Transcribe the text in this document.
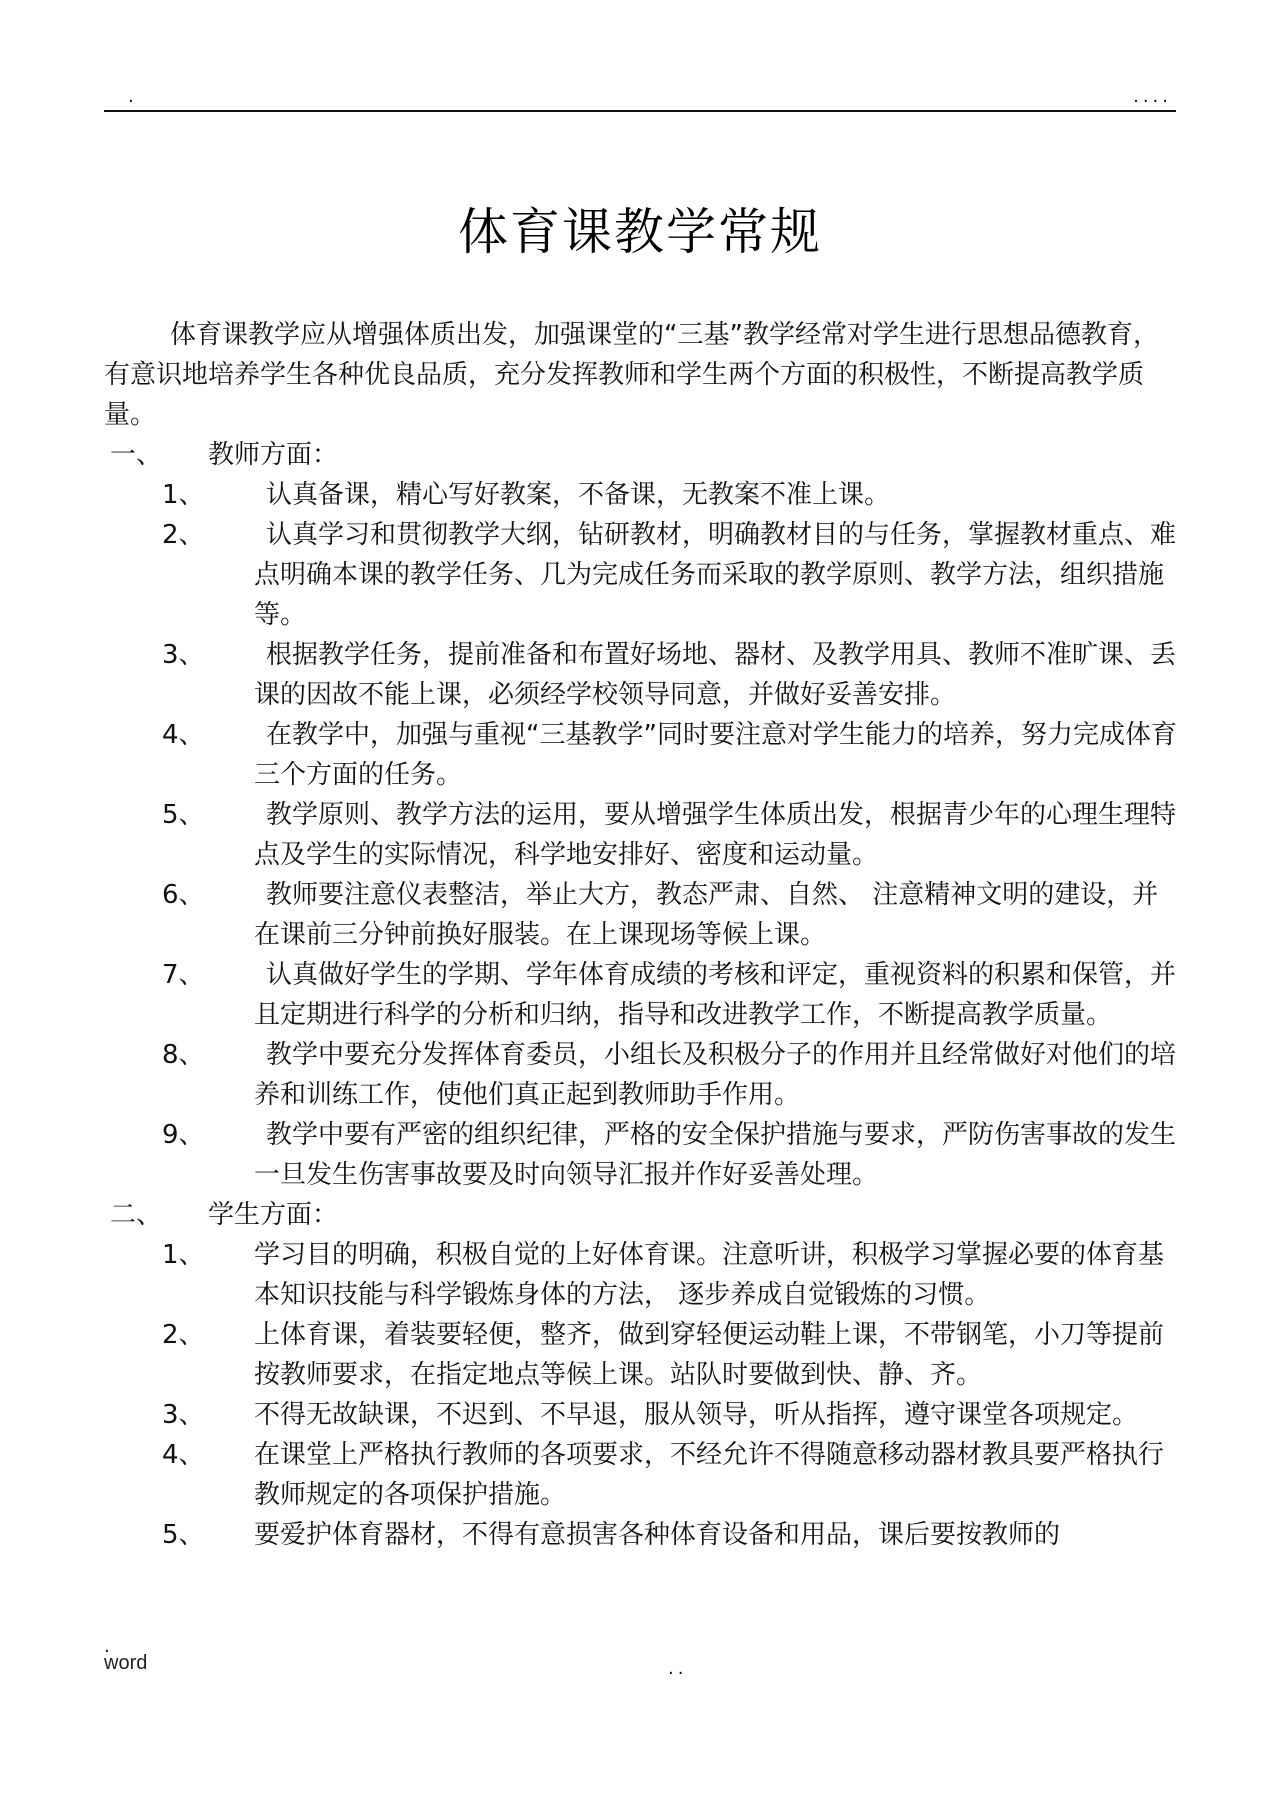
.	....
体育课教学常规

体育课教学应从增强体质出发，加强课堂的“三基”教学经常对学生进行思想品德教育，有意识地培养学生各种优良品质，充分发挥教师和学生两个方面的积极性，不断提高教学质量。

一、	教师方面：
1、	认真备课，精心写好教案，不备课，无教案不准上课。
2、	认真学习和贯彻教学大纲，钻研教材，明确教材目的与任务，掌握教材重点、难点明确本课的教学任务、几为完成任务而采取的教学原则、教学方法，组织措施等。
3、	根据教学任务，提前准备和布置好场地、器材、及教学用具、教师不准旷课、丢课的因故不能上课，必须经学校领导同意，并做好妥善安排。
4、	在教学中，加强与重视“三基教学”同时要注意对学生能力的培养，努力完成体育三个方面的任务。
5、	教学原则、教学方法的运用，要从增强学生体质出发，根据青少年的心理生理特点及学生的实际情况，科学地安排好、密度和运动量。
6、	教师要注意仪表整洁，举止大方，教态严肃、自然、 注意精神文明的建设，并在课前三分钟前换好服装。在上课现场等候上课。
7、	认真做好学生的学期、学年体育成绩的考核和评定，重视资料的积累和保管，并且定期进行科学的分析和归纳，指导和改进教学工作，不断提高教学质量。
8、	教学中要充分发挥体育委员，小组长及积极分子的作用并且经常做好对他们的培养和训练工作，使他们真正起到教师助手作用。
9、	教学中要有严密的组织纪律，严格的安全保护措施与要求，严防伤害事故的发生一旦发生伤害事故要及时向领导汇报并作好妥善处理。
二、	学生方面：
1、	学习目的明确，积极自觉的上好体育课。注意听讲，积极学习掌握必要的体育基本知识技能与科学锻炼身体的方法， 逐步养成自觉锻炼的习惯。
2、	上体育课，着装要轻便，整齐，做到穿轻便运动鞋上课，不带钢笔，小刀等提前按教师要求，在指定地点等候上课。站队时要做到快、静、齐。
3、	不得无故缺课，不迟到、不早退，服从领导，听从指挥，遵守课堂各项规定。
4、	在课堂上严格执行教师的各项要求，不经允许不得随意移动器材教具要严格执行教师规定的各项保护措施。
5、	要爱护体育器材，不得有意损害各种体育设备和用品，课后要按教师的
.
word	..
